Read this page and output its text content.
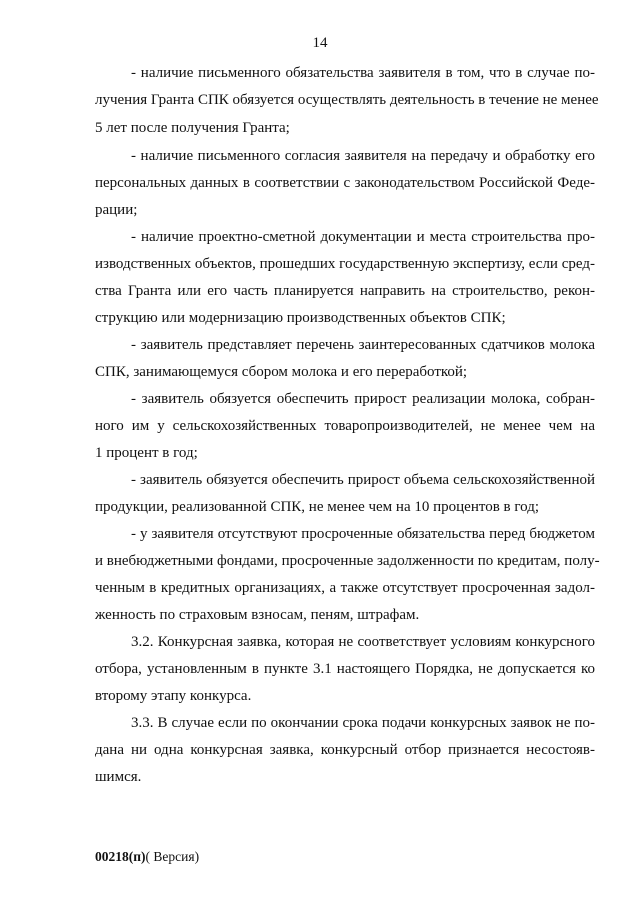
14
- наличие письменного обязательства заявителя в том, что в случае по-
лучения Гранта СПК обязуется осуществлять деятельность в течение не менее
5 лет после получения Гранта;
- наличие письменного согласия заявителя на передачу и обработку его
персональных данных в соответствии с законодательством Российской Феде-
рации;
- наличие проектно-сметной документации и места строительства про-
изводственных объектов, прошедших государственную экспертизу, если сред-
ства Гранта или его часть планируется направить на строительство, рекон-
струкцию или модернизацию производственных объектов СПК;
- заявитель представляет перечень заинтересованных сдатчиков молока
СПК, занимающемуся сбором молока и его переработкой;
- заявитель обязуется обеспечить прирост реализации молока, собран-
ного им у сельскохозяйственных товаропроизводителей, не менее чем на
1 процент в год;
- заявитель обязуется обеспечить прирост объема сельскохозяйственной
продукции, реализованной СПК, не менее чем на 10 процентов в год;
- у заявителя отсутствуют просроченные обязательства перед бюджетом
и внебюджетными фондами, просроченные задолженности по кредитам, полу-
ченным в кредитных организациях, а также отсутствует просроченная задол-
женность по страховым взносам, пеням, штрафам.
3.2. Конкурсная заявка, которая не соответствует условиям конкурсного
отбора, установленным в пункте 3.1 настоящего Порядка, не допускается ко
второму этапу конкурса.
3.3. В случае если по окончании срока подачи конкурсных заявок не по-
дана ни одна конкурсная заявка, конкурсный отбор признается несостояв-
шимся.
00218(п)( Версия)
